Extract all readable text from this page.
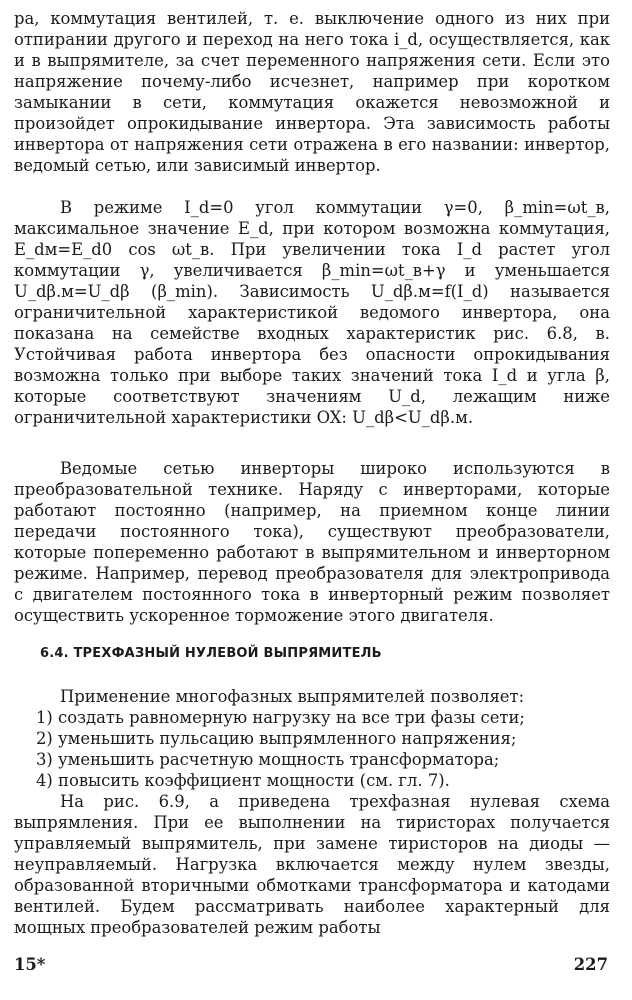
ра, коммутация вентилей, т. е. выключение одного из них при отпирании другого и переход на него тока i_d, осуществляется, как и в выпрямителе, за счет переменного напряжения сети. Если это напряжение почему-либо исчезнет, например при коротком замыкании в сети, коммутация окажется невозможной и произойдет опрокидывание инвертора. Эта зависимость работы инвертора от напряжения сети отражена в его названии: инвертор, ведомый сетью, или зависимый инвертор.

В режиме I_d=0 угол коммутации γ=0, β_min=ωt_в, максимальное значение E_d, при котором возможна коммутация, E_dм=E_d0 cos ωt_в. При увеличении тока I_d растет угол коммутации γ, увеличивается β_min=ωt_в+γ и уменьшается U_dβ.м=U_dβ (β_min). Зависимость U_dβ.м=f(I_d) называется ограничительной характеристикой ведомого инвертора, она показана на семействе входных характеристик рис. 6.8, в. Устойчивая работа инвертора без опасности опрокидывания возможна только при выборе таких значений тока I_d и угла β, которые соответствуют значениям U_d, лежащим ниже ограничительной характеристики OX: U_dβ<U_dβ.м.

Ведомые сетью инверторы широко используются в преобразовательной технике. Наряду с инверторами, которые работают постоянно (например, на приемном конце линии передачи постоянного тока), существуют преобразователи, которые попеременно работают в выпрямительном и инверторном режиме. Например, перевод преобразователя для электропривода с двигателем постоянного тока в инверторный режим позволяет осуществить ускоренное торможение этого двигателя.

6.4. ТРЕХФАЗНЫЙ НУЛЕВОЙ ВЫПРЯМИТЕЛЬ
Применение многофазных выпрямителей позволяет:
1) создать равномерную нагрузку на все три фазы сети;
2) уменьшить пульсацию выпрямленного напряжения;
3) уменьшить расчетную мощность трансформатора;
4) повысить коэффициент мощности (см. гл. 7).

На рис. 6.9, а приведена трехфазная нулевая схема выпрямления. При ее выполнении на тиристорах получается управляемый выпрямитель, при замене тиристоров на диоды — неуправляемый. Нагрузка включается между нулем звезды, образованной вторичными обмотками трансформатора и катодами вентилей. Будем рассматривать наиболее характерный для мощных преобразователей режим работы

15*	227
